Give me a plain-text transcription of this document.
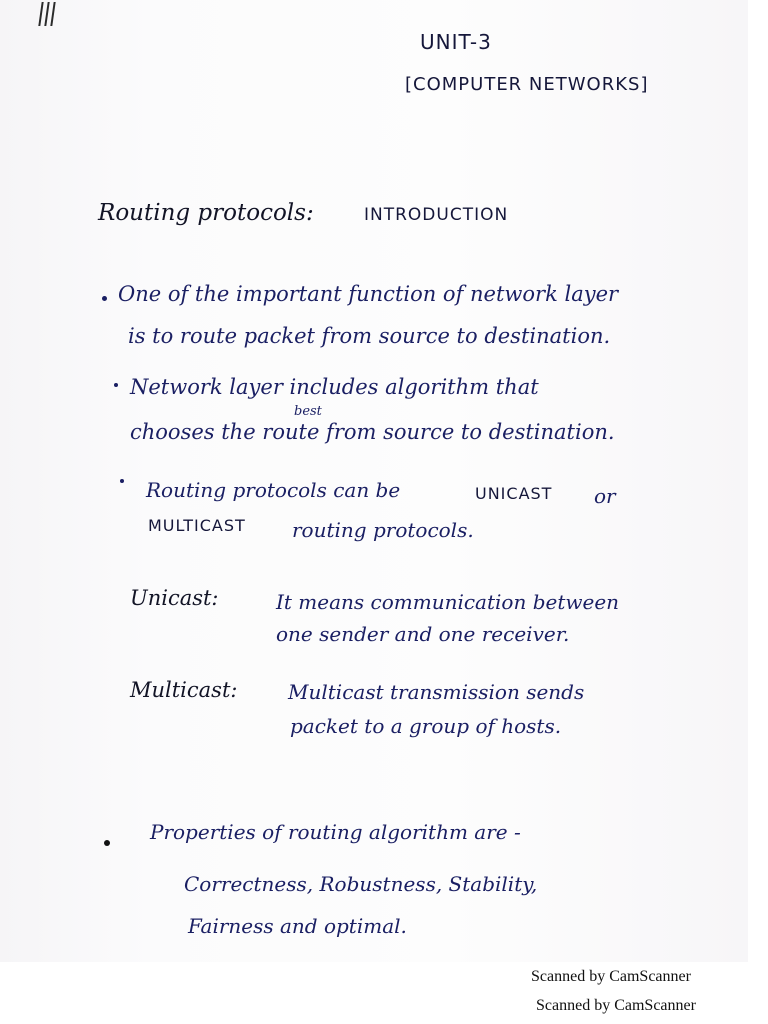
UNIT-3
[COMPUTER NETWORKS]
Routing protocols:	INTRODUCTION
One of the important function of network layer
is to route packet from source to destination.
Network layer includes algorithm that
best
chooses the route from source to destination.
Routing protocols can be	UNICAST or
MULTICAST routing protocols.
Unicast:	It means communication between
one sender and one receiver.
Multicast:	Multicast transmission sends
packet to a group of hosts.
Properties of routing algorithm are -
Correctness, Robustness, Stability,
Fairness and optimal.
Scanned by CamScanner
Scanned by CamScanner
